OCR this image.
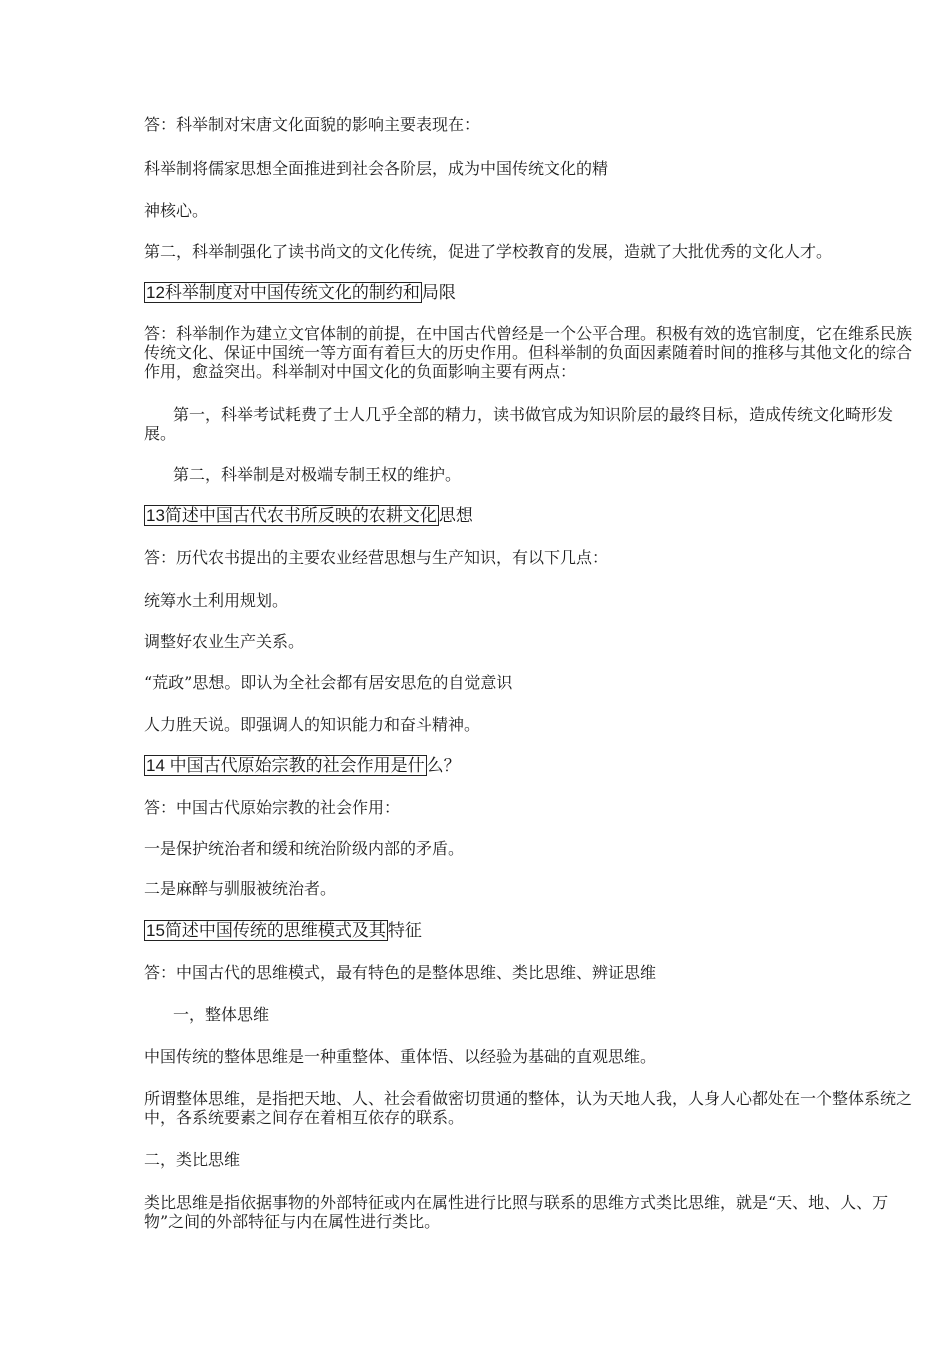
答：科举制对宋唐文化面貌的影响主要表现在：
科举制将儒家思想全面推进到社会各阶层，成为中国传统文化的精
神核心。
第二，科举制强化了读书尚文的文化传统，促进了学校教育的发展，造就了大批优秀的文化人才。
12科举制度对中国传统文化的制约和 局限
答：科举制作为建立文官体制的前提，在中国古代曾经是一个公平合理。积极有效的选官制度，它在维系民族传统文化、保证中国统一等方面有着巨大的历史作用。但科举制的负面因素随着时间的推移与其他文化的综合作用，愈益突出。科举制对中国文化的负面影响主要有两点：
第一，科举考试耗费了士人几乎全部的精力，读书做官成为知识阶层的最终目标，造成传统文化畸形发展。
第二，科举制是对极端专制王权的维护。
13简述中国古代农书所反映的农耕文化 思想
答：历代农书提出的主要农业经营思想与生产知识，有以下几点：
统筹水土利用规划。
调整好农业生产关系。
“荒政”思想。即认为全社会都有居安思危的自觉意识
人力胜天说。即强调人的知识能力和奋斗精神。
14 中国古代原始宗教的社会作用是什 么？
答：中国古代原始宗教的社会作用：
一是保护统治者和缓和统治阶级内部的矛盾。
二是麻醉与驯服被统治者。
15简述中国传统的思维模式及其 特征
答：中国古代的思维模式，最有特色的是整体思维、类比思维、辨证思维
一，整体思维
中国传统的整体思维是一种重整体、重体悟、以经验为基础的直观思维。
所谓整体思维，是指把天地、人、社会看做密切贯通的整体，认为天地人我，人身人心都处在一个整体系统之中，各系统要素之间存在着相互依存的联系。
二，类比思维
类比思维是指依据事物的外部特征或内在属性进行比照与联系的思维方式类比思维，就是“天、地、人、万物”之间的外部特征与内在属性进行类比。
